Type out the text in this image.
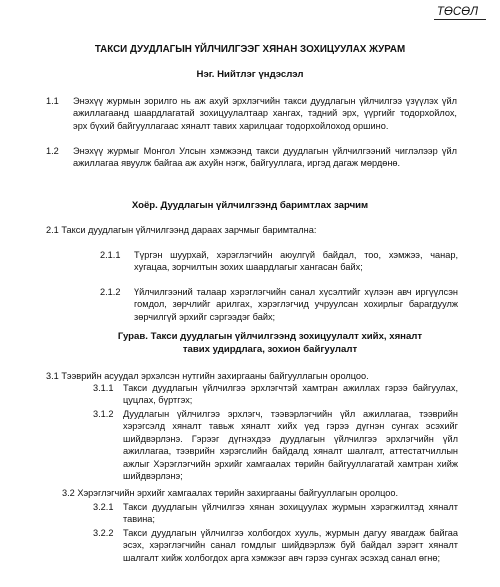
ТӨСӨЛ
ТАКСИ ДУУДЛАГЫН ҮЙЛЧИЛГЭЭГ ХЯНАН ЗОХИЦУУЛАХ ЖУРАМ
Нэг. Нийтлэг үндэслэл
1.1 Энэхүү журмын зорилго нь аж ахуй эрхлэгчийн такси дуудлагын үйлчилгээ үзүүлэх үйл ажиллагаанд шаардлагатай зохицуулалтаар хангах, тэдний эрх, үүргийг тодорхойлох, эрх бүхий байгууллагаас хяналт тавих харилцааг тодорхойлоход оршино.
1.2 Энэхүү журмыг Монгол Улсын хэмжээнд такси дуудлагын үйлчилгээний чиглэлээр үйл ажиллагаа явуулж байгаа аж ахуйн нэгж, байгууллага, иргэд дагаж мөрдөнө.
Хоёр. Дуудлагын үйлчилгээнд баримтлах зарчим
2.1 Такси дуудлагын үйлчилгээнд дараах зарчмыг баримтална:
2.1.1 Түргэн шуурхай, хэрэглэгчийн аюулгүй байдал, тоо, хэмжээ, чанар, хугацаа, зорчилтын зохих шаардлагыг хангасан байх;
2.1.2 Үйлчилгээний талаар хэрэглэгчийн санал хүсэлтийг хүлээн авч иргүүлсэн гомдол, зөрчлийг арилгах, хэрэглэгчид учруулсан хохирлыг барагдуулж зөрчилгүй эрхийг сэргээдэг байх;
Гурав. Такси дуудлагын үйлчилгээнд зохицуулалт хийх, хяналт тавих удирдлага, зохион байгуулалт
3.1 Тээврийн асуудал эрхэлсэн нутгийн захиргааны байгууллагын оролцоо.
3.1.1 Такси дуудлагын үйлчилгээ эрхлэгчтэй хамтран ажиллах гэрээ байгуулах, цуцлах, бүртгэх;
3.1.2 Дуудлагын үйлчилгээ эрхлэгч, тээвэрлэгчийн үйл ажиллагаа, тээврийн хэрэгсэлд хяналт тавьж хяналт хийх үед гэрээ дүгнэн сунгах эсэхийг шийдвэрлэнэ. Гэрээг дүгнэхдээ дуудлагын үйлчилгээ эрхлэгчийн үйл ажиллагаа, тээврийн хэрэгслийн байдалд хяналт шалгалт, аттестатчиллын ажлыг Хэрэглэгчийн эрхийг хамгаалах төрийн байгууллагатай хамтран хийж шийдвэрлэнэ;
3.2 Хэрэглэгчийн эрхийг хамгаалах төрийн захиргааны байгууллагын оролцоо.
3.2.1 Такси дуудлагын үйлчилгээ хянан зохицуулах журмын хэрэгжилтэд хяналт тавина;
3.2.2 Такси дуудлагын үйлчилгээ холбогдох хууль, журмын дагуу явагдаж байгаа эсэх, хэрэглэгчийн санал гомдлыг шийдвэрлэж буй байдал зэрэгт хяналт шалгалт хийж холбогдох арга хэмжээг авч гэрээ сунгах эсэхэд санал өгнө;
